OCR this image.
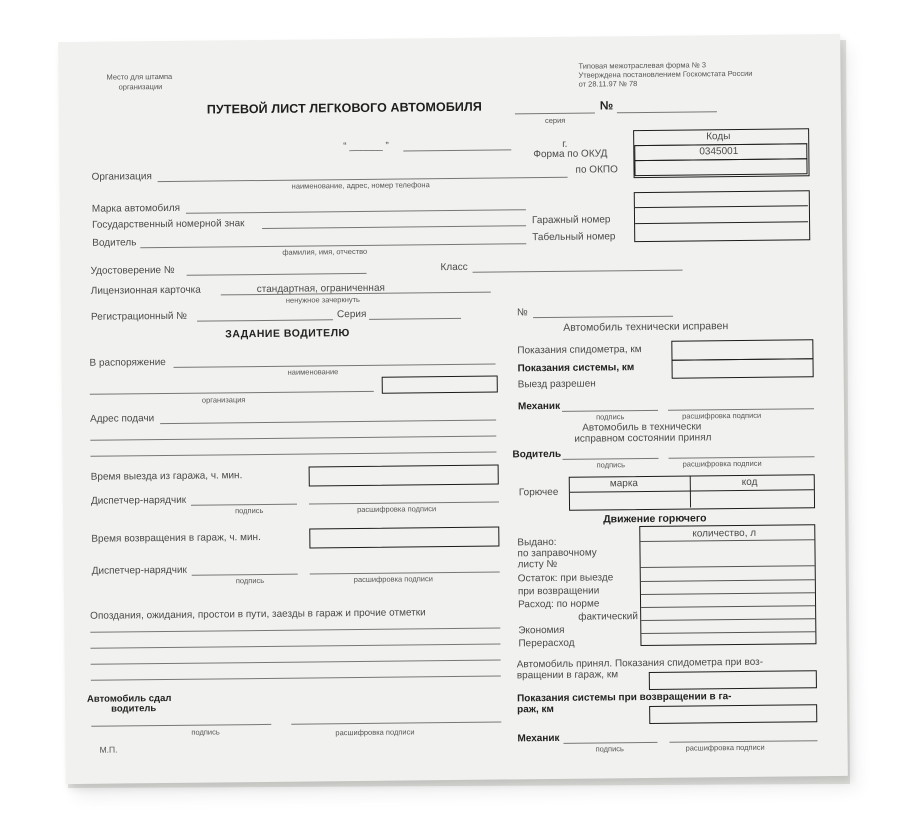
Место для штампа
организации
Типовая межотраслевая форма № 3
Утверждена постановлением Госкомстата России
от 28.11.97 № 78
ПУТЕВОЙ ЛИСТ ЛЕГКОВОГО АВТОМОБИЛЯ	№
серия
“ ______ ”	г.
Коды
0345001
Форма по ОКУД
по ОКПО
Организация
наименование, адрес, номер телефона
Марка автомобиля
Государственный номерной знак	Гаражный номер
Водитель	Табельный номер
фамилия, имя, отчество
Удостоверение №	Класс
Лицензионная карточка	стандартная, ограниченная
ненужное зачеркнуть
Регистрационный №	Серия	№
ЗАДАНИЕ ВОДИТЕЛЮ
В распоряжение
наименование
организация
Адрес подачи
Время выезда из гаража, ч. мин.
Диспетчер-нарядчик
подпись	расшифровка подписи
Время возвращения в гараж, ч. мин.
Диспетчер-нарядчик
подпись	расшифровка подписи
Опоздания, ожидания, простои в пути, заезды в гараж и прочие отметки
Автомобиль сдал
водитель
подпись	расшифровка подписи
М.П.
Автомобиль технически исправен
Показания спидометра, км
Показания системы, км
Выезд разрешен
Механик
подпись	расшифровка подписи
Автомобиль в технически
исправном состоянии принял
Водитель
подпись	расшифровка подписи
Горючее
марка	код
Движение горючего
количество, л
Выдано:
по заправочному
листу №
Остаток: при выезде
при возвращении
Расход: по норме
фактический
Экономия
Перерасход
Автомобиль принял. Показания спидометра при воз-
вращении в гараж, км
Показания системы при возвращении в га-
раж, км
Механик
подпись	расшифровка подписи
